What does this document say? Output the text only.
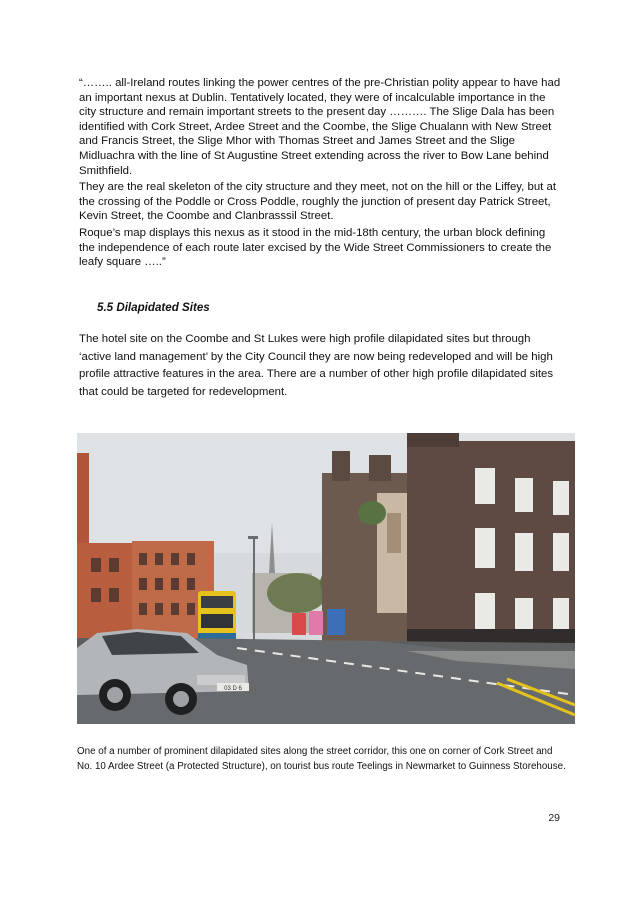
“…….. all-Ireland routes linking the power centres of the pre-Christian polity appear to have had an important nexus at Dublin. Tentatively located, they were of incalculable importance in the city structure and remain important streets to the present day ………. The Slige Dala has been identified with Cork Street, Ardee Street and the Coombe, the Slige Chualann with New Street and Francis Street, the Slige Mhor with Thomas Street and James Street and the Slige Midluachra with the line of St Augustine Street extending across the river to Bow Lane behind Smithfield.

They are the real skeleton of the city structure and they meet, not on the hill or the Liffey, but at the crossing of the Poddle or Cross Poddle, roughly the junction of present day Patrick Street, Kevin Street, the Coombe and Clanbrasssil Street.

Roque’s map displays this nexus as it stood in the mid-18th century, the urban block defining the independence of each route later excised by the Wide Street Commissioners to create the leafy square …..”

5.5 Dilapidated Sites

The hotel site on the Coombe and St Lukes were high profile dilapidated sites but through ‘active land management’ by the City Council they are now being redeveloped and will be high profile attractive features in the area. There are a number of other high profile dilapidated sites that could be targeted for redevelopment.

03 D 6

One of a number of prominent dilapidated sites along the street corridor, this one on corner of Cork Street and No. 10 Ardee Street (a Protected Structure), on tourist bus route Teelings in Newmarket to Guinness Storehouse.

29
